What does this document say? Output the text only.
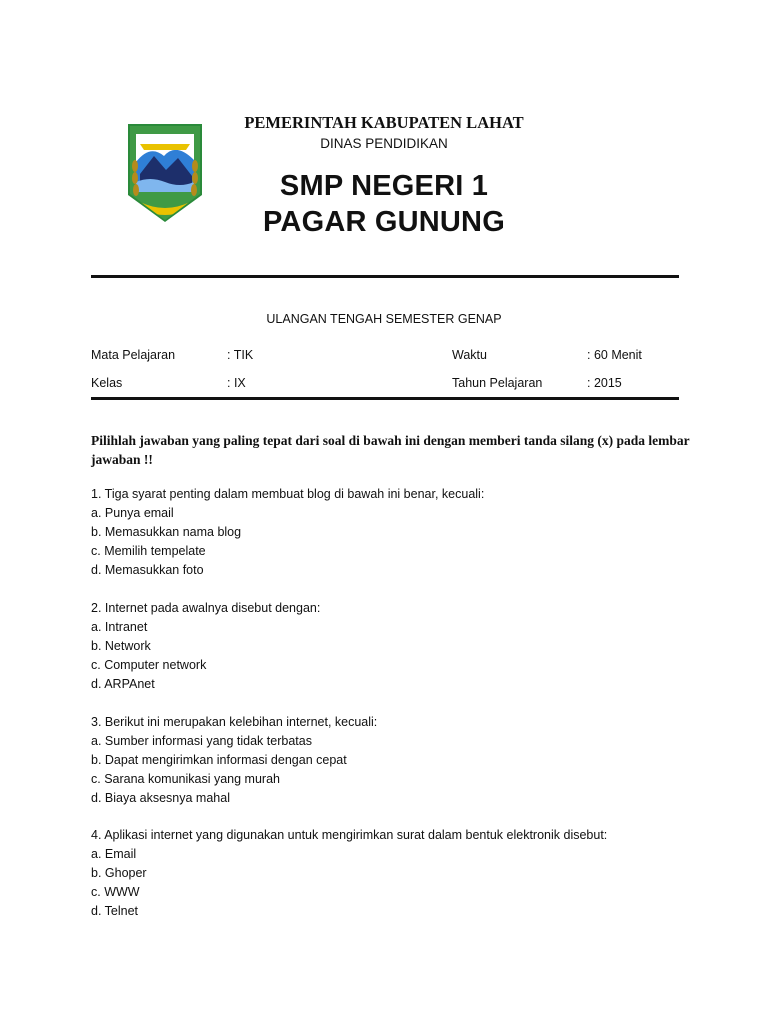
PEMERINTAH KABUPATEN LAHAT
DINAS PENDIDIKAN
SMP NEGERI 1
PAGAR GUNUNG
ULANGAN TENGAH SEMESTER GENAP
Mata Pelajaran	: TIK	Waktu	: 60 Menit
Kelas	: IX	Tahun Pelajaran	: 2015
Pilihlah jawaban yang paling tepat dari soal di bawah ini dengan memberi tanda silang (x) pada lembar jawaban !!
1. Tiga syarat penting dalam membuat blog di bawah ini benar, kecuali:
a. Punya email
b. Memasukkan nama blog
c. Memilih tempelate
d. Memasukkan foto
2. Internet pada awalnya disebut dengan:
a. Intranet
b. Network
c. Computer network
d. ARPAnet
3. Berikut ini merupakan kelebihan internet, kecuali:
a. Sumber informasi yang tidak terbatas
b. Dapat mengirimkan informasi dengan cepat
c. Sarana komunikasi yang murah
d. Biaya aksesnya mahal
4. Aplikasi internet yang digunakan untuk mengirimkan surat dalam bentuk elektronik disebut:
a. Email
b. Ghoper
c. WWW
d. Telnet
